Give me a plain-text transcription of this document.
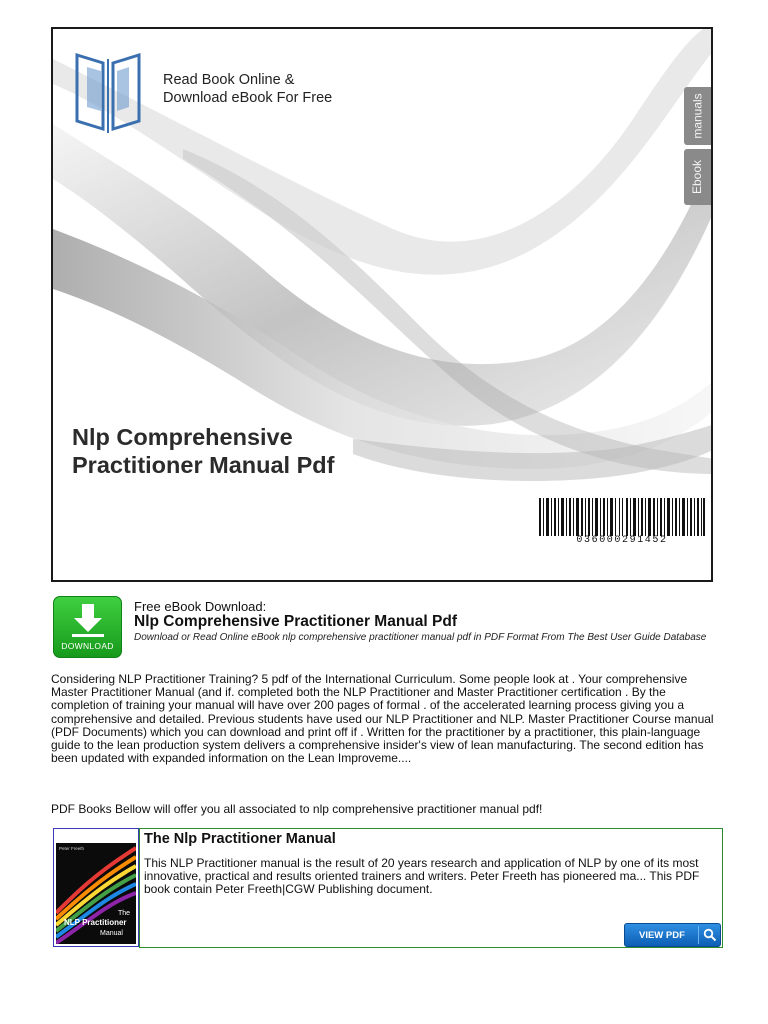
Read Book Online &
Download eBook For Free	manuals
Ebook
Nlp Comprehensive
Practitioner Manual Pdf
036000291452
DOWNLOAD
Free eBook Download:
Nlp Comprehensive Practitioner Manual Pdf
Download or Read Online eBook nlp comprehensive practitioner manual pdf in PDF Format From The Best User Guide Database
Considering NLP Practitioner Training? 5 pdf of the International Curriculum. Some people look at . Your comprehensive Master Practitioner Manual (and if. completed both the NLP Practitioner and Master Practitioner certification . By the completion of training your manual will have over 200 pages of formal . of the accelerated learning process giving you a comprehensive and detailed. Previous students have used our NLP Practitioner and NLP. Master Practitioner Course manual (PDF Documents) which you can download and print off if . Written for the practitioner by a practitioner, this plain-language guide to the lean production system delivers a comprehensive insider's view of lean manufacturing. The second edition has been updated with expanded information on the Lean Improveme....
PDF Books Bellow will offer you all associated to nlp comprehensive practitioner manual pdf!
Peter Freeth
The
NLP Practitioner
Manual
The Nlp Practitioner Manual
This NLP Practitioner manual is the result of 20 years research and application of NLP by one of its most innovative, practical and results oriented trainers and writers. Peter Freeth has pioneered ma... This PDF book contain Peter Freeth|CGW Publishing document.
VIEW PDF
